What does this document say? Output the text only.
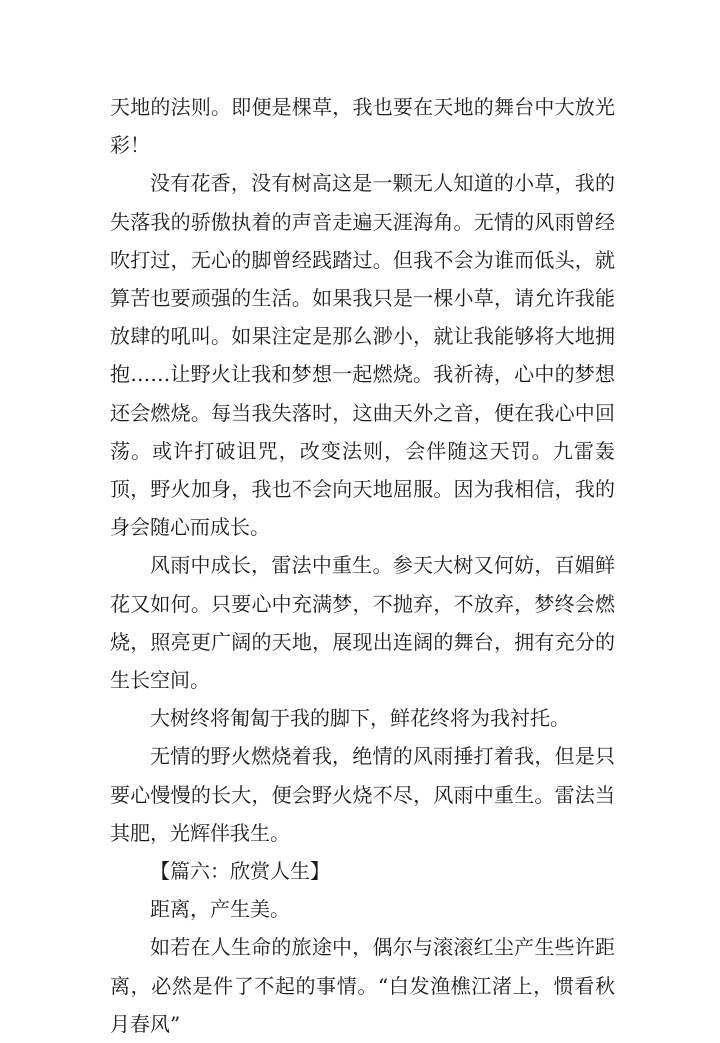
天地的法则。即便是棵草，我也要在天地的舞台中大放光彩！

没有花香，没有树高这是一颗无人知道的小草，我的失落我的骄傲执着的声音走遍天涯海角。无情的风雨曾经吹打过，无心的脚曾经践踏过。但我不会为谁而低头，就算苦也要顽强的生活。如果我只是一棵小草，请允许我能放肆的吼叫。如果注定是那么渺小，就让我能够将大地拥抱……让野火让我和梦想一起燃烧。我祈祷，心中的梦想还会燃烧。每当我失落时，这曲天外之音，便在我心中回荡。或许打破诅咒，改变法则，会伴随这天罚。九雷轰顶，野火加身，我也不会向天地屈服。因为我相信，我的身会随心而成长。

风雨中成长，雷法中重生。参天大树又何妨，百媚鲜花又如何。只要心中充满梦，不抛弃，不放弃，梦终会燃烧，照亮更广阔的天地，展现出连阔的舞台，拥有充分的生长空间。

大树终将匍匐于我的脚下，鲜花终将为我衬托。

无情的野火燃烧着我，绝情的风雨捶打着我，但是只要心慢慢的长大，便会野火烧不尽，风雨中重生。雷法当其肥，光辉伴我生。

【篇六：欣赏人生】

距离，产生美。

如若在人生命的旅途中，偶尔与滚滚红尘产生些许距离，必然是件了不起的事情。“白发渔樵江渚上，惯看秋月春风”
